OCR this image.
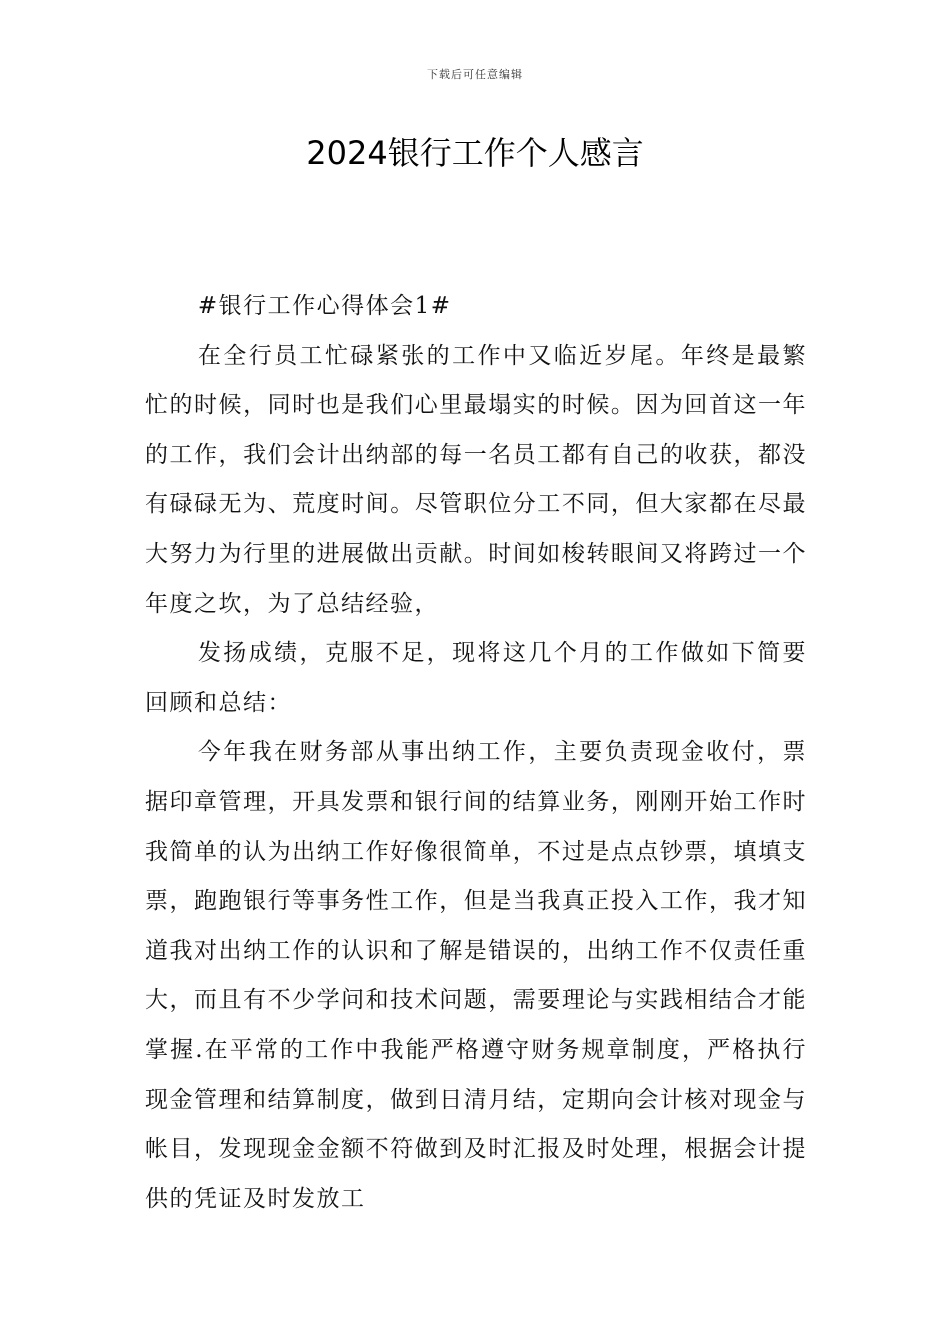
下载后可任意编辑
2024银行工作个人感言

#银行工作心得体会1#

在全行员工忙碌紧张的工作中又临近岁尾。年终是最繁忙的时候，同时也是我们心里最塌实的时候。因为回首这一年的工作，我们会计出纳部的每一名员工都有自己的收获，都没有碌碌无为、荒度时间。尽管职位分工不同，但大家都在尽最大努力为行里的进展做出贡献。时间如梭转眼间又将跨过一个年度之坎，为了总结经验，

发扬成绩，克服不足，现将这几个月的工作做如下简要回顾和总结：

今年我在财务部从事出纳工作，主要负责现金收付，票据印章管理，开具发票和银行间的结算业务，刚刚开始工作时我简单的认为出纳工作好像很简单，不过是点点钞票，填填支票，跑跑银行等事务性工作，但是当我真正投入工作，我才知道我对出纳工作的认识和了解是错误的，出纳工作不仅责任重大，而且有不少学问和技术问题，需要理论与实践相结合才能掌握.在平常的工作中我能严格遵守财务规章制度，严格执行现金管理和结算制度，做到日清月结，定期向会计核对现金与帐目，发现现金金额不符做到及时汇报及时处理，根据会计提供的凭证及时发放工
